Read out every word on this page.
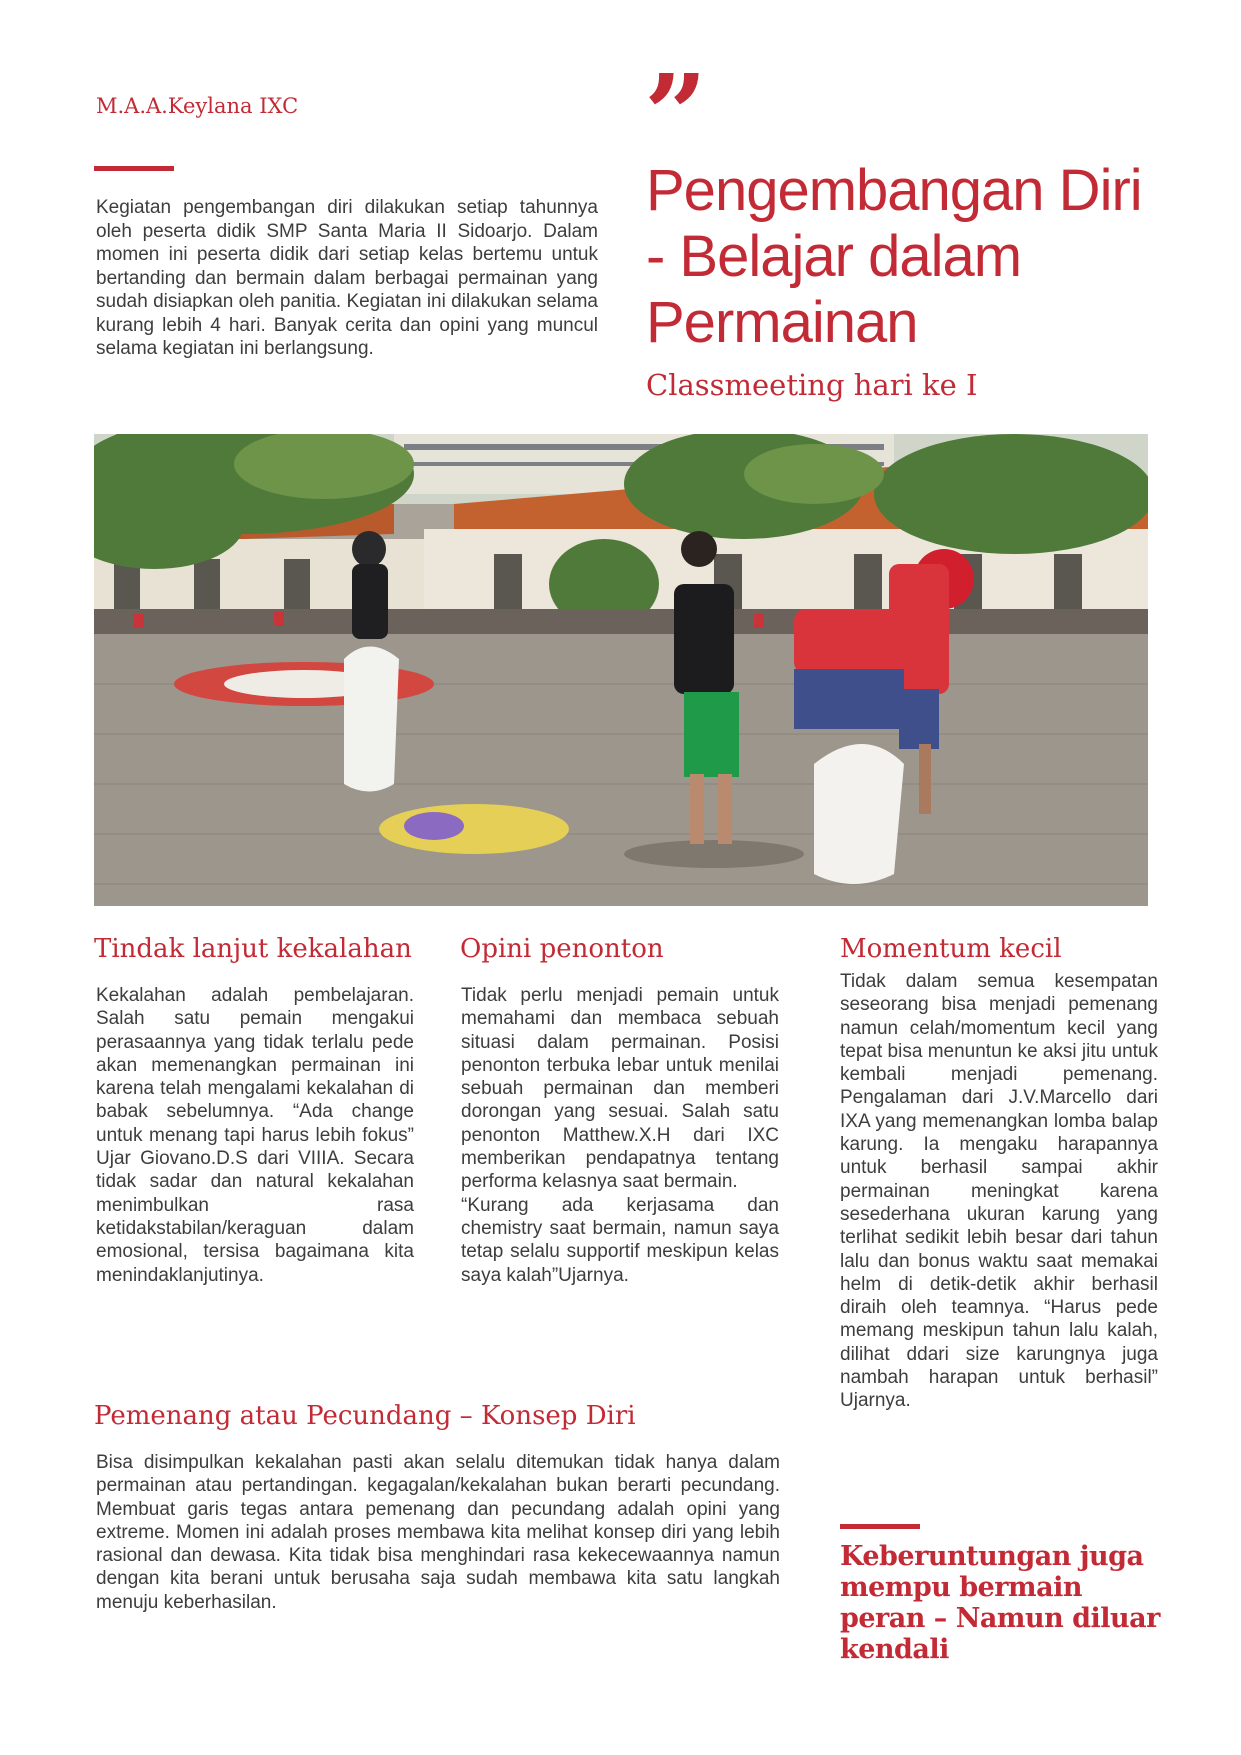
M.A.A.Keylana IXC	”
Kegiatan pengembangan diri dilakukan setiap tahunnya oleh peserta didik SMP Santa Maria II Sidoarjo. Dalam momen ini peserta didik dari setiap kelas bertemu untuk bertanding dan bermain dalam berbagai permainan yang sudah disiapkan oleh panitia. Kegiatan ini dilakukan selama kurang lebih 4 hari. Banyak cerita dan opini yang muncul selama kegiatan ini berlangsung.
Pengembangan Diri - Belajar dalam Permainan
Classmeeting hari ke I
Tindak lanjut kekalahan

Kekalahan adalah pembelajaran. Salah satu pemain mengakui perasaannya yang tidak terlalu pede akan memenangkan permainan ini karena telah mengalami kekalahan di babak sebelumnya. “Ada change untuk menang tapi harus lebih fokus” Ujar Giovano.D.S dari VIIIA. Secara tidak sadar dan natural kekalahan menimbulkan rasa ketidakstabilan/keraguan dalam emosional, tersisa bagaimana kita menindaklanjutinya.

Opini penonton

Tidak perlu menjadi pemain untuk memahami dan membaca sebuah situasi dalam permainan. Posisi penonton terbuka lebar untuk menilai sebuah permainan dan memberi dorongan yang sesuai. Salah satu penonton Matthew.X.H dari IXC memberikan pendapatnya tentang performa kelasnya saat bermain.

“Kurang ada kerjasama dan chemistry saat bermain, namun saya tetap selalu supportif meskipun kelas saya kalah”Ujarnya.

Momentum kecil

Tidak dalam semua kesempatan seseorang bisa menjadi pemenang namun celah/momentum kecil yang tepat bisa menuntun ke aksi jitu untuk kembali menjadi pemenang. Pengalaman dari J.V.Marcello dari IXA yang memenangkan lomba balap karung. Ia mengaku harapannya untuk berhasil sampai akhir permainan meningkat karena sesederhana ukuran karung yang terlihat sedikit lebih besar dari tahun lalu dan bonus waktu saat memakai helm di detik-detik akhir berhasil diraih oleh teamnya. “Harus pede memang meskipun tahun lalu kalah, dilihat ddari size karungnya juga nambah harapan untuk berhasil” Ujarnya.

Pemenang atau Pecundang – Konsep Diri

Bisa disimpulkan kekalahan pasti akan selalu ditemukan tidak hanya dalam permainan atau pertandingan. kegagalan/kekalahan bukan berarti pecundang. Membuat garis tegas antara pemenang dan pecundang adalah opini yang extreme. Momen ini adalah proses membawa kita melihat konsep diri yang lebih rasional dan dewasa. Kita tidak bisa menghindari rasa kekecewaannya namun dengan kita berani untuk berusaha saja sudah membawa kita satu langkah menuju keberhasilan.

Keberuntungan juga mempu bermain peran – Namun diluar kendali
